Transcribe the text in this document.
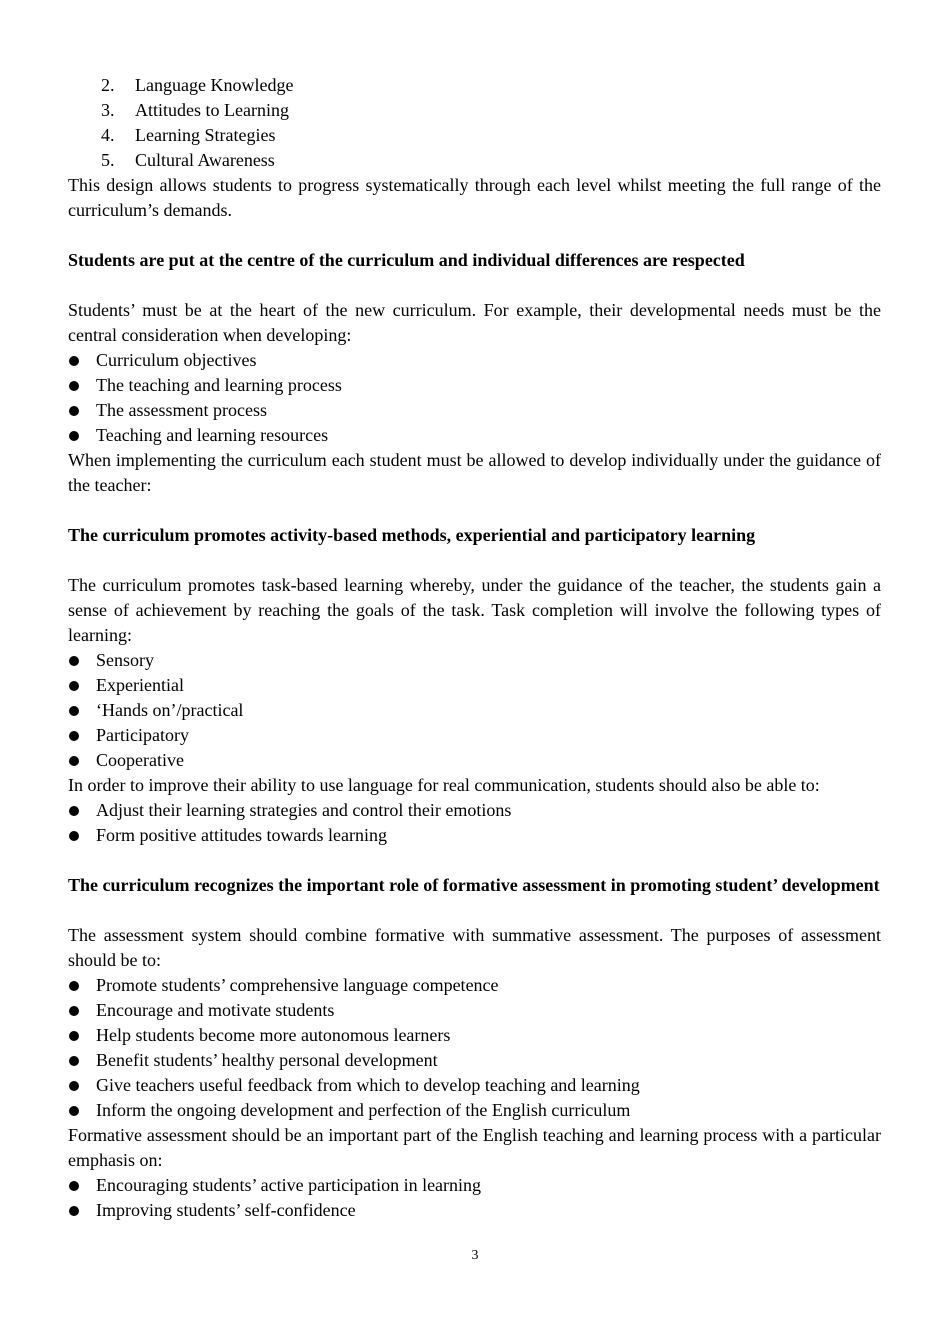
2.	Language Knowledge
3.	Attitudes to Learning
4.	Learning Strategies
5.	Cultural Awareness

This design allows students to progress systematically through each level whilst meeting the full range of the curriculum’s demands.

Students are put at the centre of the curriculum and individual differences are respected

Students’ must be at the heart of the new curriculum. For example, their developmental needs must be the central consideration when developing:

Curriculum objectives
The teaching and learning process
The assessment process
Teaching and learning resources

When implementing the curriculum each student must be allowed to develop individually under the guidance of the teacher:

The curriculum promotes activity-based methods, experiential and participatory learning

The curriculum promotes task-based learning whereby, under the guidance of the teacher, the students gain a sense of achievement by reaching the goals of the task. Task completion will involve the following types of learning:

Sensory
Experiential
‘Hands on’/practical
Participatory
Cooperative

In order to improve their ability to use language for real communication, students should also be able to:

Adjust their learning strategies and control their emotions
Form positive attitudes towards learning
The curriculum recognizes the important role of formative assessment in promoting student’ development

The assessment system should combine formative with summative assessment. The purposes of assessment should be to:

Promote students’ comprehensive language competence
Encourage and motivate students
Help students become more autonomous learners
Benefit students’ healthy personal development
Give teachers useful feedback from which to develop teaching and learning
Inform the ongoing development and perfection of the English curriculum

Formative assessment should be an important part of the English teaching and learning process with a particular emphasis on:

Encouraging students’ active participation in learning
Improving students’ self-confidence
3
